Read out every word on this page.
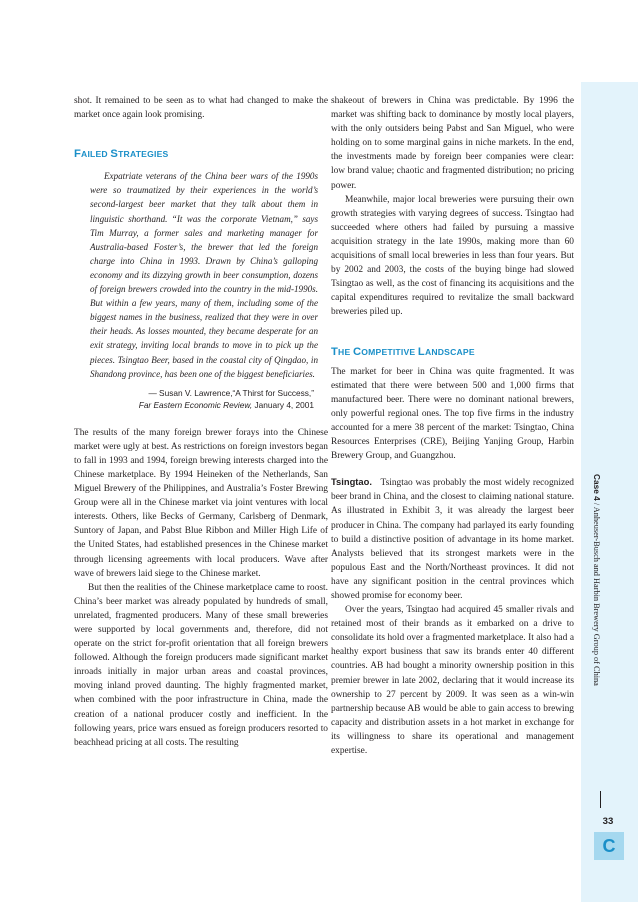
shot. It remained to be seen as to what had changed to make the market once again look promising.

FAILED STRATEGIES

Expatriate veterans of the China beer wars of the 1990s were so traumatized by their experiences in the world’s second-largest beer market that they talk about them in linguistic shorthand. “It was the corporate Vietnam,” says Tim Murray, a former sales and marketing manager for Australia-based Foster’s, the brewer that led the foreign charge into China in 1993. Drawn by China’s galloping economy and its dizzying growth in beer consumption, dozens of foreign brewers crowded into the country in the mid-1990s. But within a few years, many of them, including some of the biggest names in the business, realized that they were in over their heads. As losses mounted, they became desperate for an exit strategy, inviting local brands to move in to pick up the pieces. Tsingtao Beer, based in the coastal city of Qingdao, in Shandong province, has been one of the biggest beneficiaries.

— Susan V. Lawrence,“A Thirst for Success,”
Far Eastern Economic Review, January 4, 2001

The results of the many foreign brewer forays into the Chinese market were ugly at best. As restrictions on foreign investors began to fall in 1993 and 1994, foreign brewing interests charged into the Chinese marketplace. By 1994 Heineken of the Netherlands, San Miguel Brewery of the Philippines, and Australia’s Foster Brewing Group were all in the Chinese market via joint ventures with local interests. Others, like Becks of Germany, Carlsberg of Denmark, Suntory of Japan, and Pabst Blue Ribbon and Miller High Life of the United States, had established presences in the Chinese market through licensing agreements with local producers. Wave after wave of brewers laid siege to the Chinese market.

But then the realities of the Chinese marketplace came to roost. China’s beer market was already populated by hundreds of small, unrelated, fragmented producers. Many of these small breweries were supported by local governments and, therefore, did not operate on the strict for-profit orientation that all foreign brewers followed. Although the foreign producers made significant market inroads initially in major urban areas and coastal provinces, moving inland proved daunting. The highly fragmented market, when combined with the poor infrastructure in China, made the creation of a national producer costly and inefficient. In the following years, price wars ensued as foreign producers resorted to beachhead pricing at all costs. The resulting

shakeout of brewers in China was predictable. By 1996 the market was shifting back to dominance by mostly local players, with the only outsiders being Pabst and San Miguel, who were holding on to some marginal gains in niche markets. In the end, the investments made by foreign beer companies were clear: low brand value; chaotic and fragmented distribution; no pricing power.

Meanwhile, major local breweries were pursuing their own growth strategies with varying degrees of success. Tsingtao had succeeded where others had failed by pursuing a massive acquisition strategy in the late 1990s, making more than 60 acquisitions of small local breweries in less than four years. But by 2002 and 2003, the costs of the buying binge had slowed Tsingtao as well, as the cost of financing its acquisitions and the capital expenditures required to revitalize the small backward breweries piled up.

THE COMPETITIVE LANDSCAPE

The market for beer in China was quite fragmented. It was estimated that there were between 500 and 1,000 firms that manufactured beer. There were no dominant national brewers, only powerful regional ones. The top five firms in the industry accounted for a mere 38 percent of the market: Tsingtao, China Resources Enterprises (CRE), Beijing Yanjing Group, Harbin Brewery Group, and Guangzhou.

Tsingtao. Tsingtao was probably the most widely recognized beer brand in China, and the closest to claiming national stature. As illustrated in Exhibit 3, it was already the largest beer producer in China. The company had parlayed its early founding to build a distinctive position of advantage in its home market. Analysts believed that its strongest markets were in the populous East and the North/Northeast provinces. It did not have any significant position in the central provinces which showed promise for economy beer.

Over the years, Tsingtao had acquired 45 smaller rivals and retained most of their brands as it embarked on a drive to consolidate its hold over a fragmented marketplace. It also had a healthy export business that saw its brands enter 40 different countries. AB had bought a minority ownership position in this premier brewer in late 2002, declaring that it would increase its ownership to 27 percent by 2009. It was seen as a win-win partnership because AB would be able to gain access to brewing capacity and distribution assets in a hot market in exchange for its willingness to share its operational and management expertise.

Case 4 / Anheuser-Busch and Harbin Brewery Group of China
33
C
